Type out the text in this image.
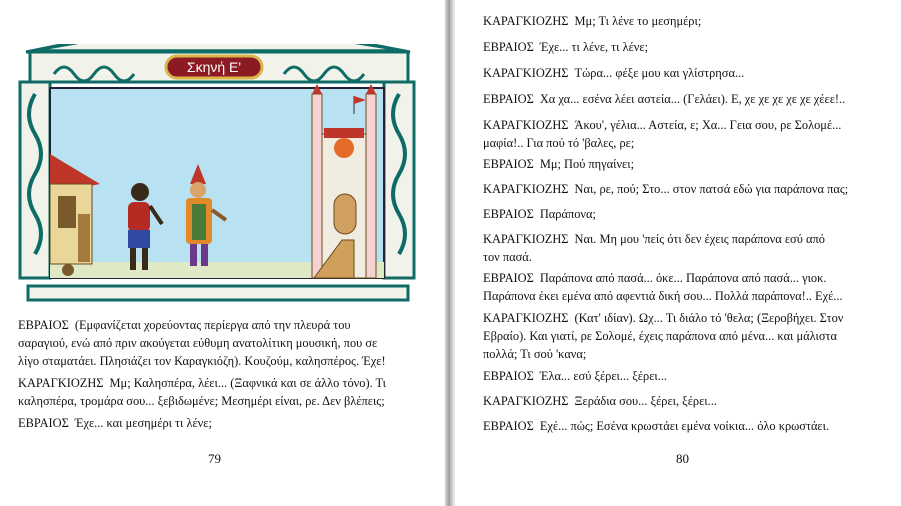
Σκηνή Ε'

ΕΒΡΑΙΟΣ (Εμφανίζεται χορεύοντας περίεργα από την πλευρά του
σαραγιού, ενώ από πριν ακούγεται εύθυμη ανατολίτικη μουσική, που σε
λίγο σταματάει. Πλησιάζει τον Καραγκιόζη). Κουζούμ, καλησπέρος. Έχε!

ΚΑΡΑΓΚΙΟΖΗΣ Μμ; Καλησπέρα, λέει... (Ξαφνικά και σε άλλο τόνο). Τι
καλησπέρα, τρομάρα σου... ξεβιδωμένε; Μεσημέρι είναι, ρε. Δεν βλέπεις;

ΕΒΡΑΙΟΣ Έχε... και μεσημέρι τι λένε;

79

ΚΑΡΑΓΚΙΟΖΗΣ Μμ; Τι λένε το μεσημέρι;

ΕΒΡΑΙΟΣ Έχε... τι λένε, τι λένε;

ΚΑΡΑΓΚΙΟΖΗΣ Τώρα... φέξε μου και γλίστρησα...

ΕΒΡΑΙΟΣ Χα χα... εσένα λέει αστεία... (Γελάει). Ε, χε χε χε χε χε χέεε!..

ΚΑΡΑΓΚΙΟΖΗΣ Άκου', γέλια... Αστεία, ε; Χα... Γεια σου, ρε Σολομέ...
μαφία!.. Για πού τό 'βαλες, ρε;

ΕΒΡΑΙΟΣ Μμ; Πού πηγαίνει;

ΚΑΡΑΓΚΙΟΖΗΣ Ναι, ρε, πού; Στο... στον πατσά εδώ για παράπονα πας;

ΕΒΡΑΙΟΣ Παράπονα;

ΚΑΡΑΓΚΙΟΖΗΣ Ναι. Μη μου 'πείς ότι δεν έχεις παράπονα εσύ από
τον πασά.

ΕΒΡΑΙΟΣ Παράπονα από πασά... όκε... Παράπονα από πασά... γιοκ.
Παράπονα έκει εμένα από αφεντιά δική σου... Πολλά παράπονα!.. Εχέ...

ΚΑΡΑΓΚΙΟΖΗΣ (Κατ' ιδίαν). Ωχ... Τι διάλο τό 'θελα; (Ξεροβήχει. Στον
Εβραίο). Και γιατί, ρε Σολομέ, έχεις παράπονα από μένα... και μάλιστα
πολλά; Τι σού 'κανα;

ΕΒΡΑΙΟΣ Έλα... εσύ ξέρει... ξέρει...

ΚΑΡΑΓΚΙΟΖΗΣ Ξεράδια σου... ξέρει, ξέρει...

ΕΒΡΑΙΟΣ Εχέ... πώς; Εσένα κρωστάει εμένα νοίκια... όλο κρωστάει.

80
